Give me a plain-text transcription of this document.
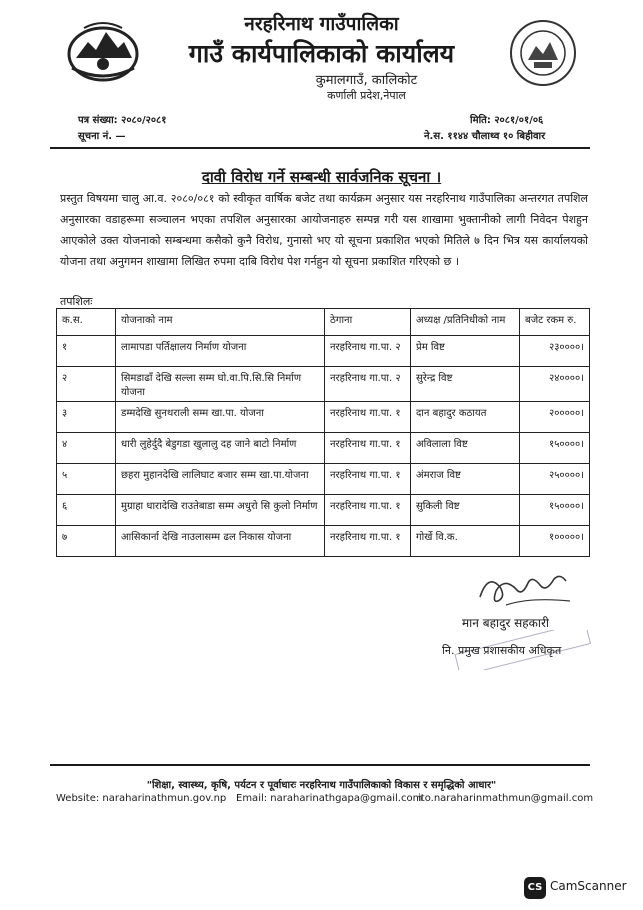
नरहरिनाथ गाउँपालिका
गाउँ कार्यपालिकाको कार्यालय
कुमालगाउँ, कालिकोट
कर्णाली प्रदेश,नेपाल
पत्र संख्या: २०८०/२०८१
सूचना नं. —
मिति: २०८१/०१/०६
ने.स. ११४४ चौलाथ्व १० बिहीवार
दावी विरोध गर्ने सम्बन्धी सार्वजनिक सूचना ।
प्रस्तुत विषयमा चालु आ.व. २०८०/०८१ को स्वीकृत वार्षिक बजेट तथा कार्यक्रम अनुसार यस नरहरिनाथ गाउँपालिका अन्तरगत तपशिल अनुसारका वडाहरूमा सञ्चालन भएका तपशिल अनुसारका आयोजनाहरु सम्पन्न गरी यस शाखामा भुक्तानीको लागी निवेदन पेशहुन आएकोले उक्त योजनाको सम्बन्धमा कसैको कुनै विरोध, गुनासो भए यो सूचना प्रकाशित भएको मितिले ७ दिन भित्र यस कार्यालयको योजना तथा अनुगमन शाखामा लिखित रुपमा दाबि विरोध पेश गर्नहुन यो सूचना प्रकाशित गरिएको छ ।
तपशिलः
क.स.	योजनाको नाम	ठेगाना	अध्यक्ष /प्रतिनिधीको नाम	बजेट रकम रु.
१	लामापडा पर्तिक्षालय निर्माण योजना	नरहरिनाथ गा.पा. २	प्रेम विष्ट	२३००००।
२	सिमडाढाँ देखि सल्ला सम्म घो.वा.पि.सि.सि निर्माण योजना	नरहरिनाथ गा.पा. २	सुरेन्द्र विष्ट	२४००००।
३	डम्मदेखि सुनथराली सम्म खा.पा. योजना	नरहरिनाथ गा.पा. १	दान बहादुर कठायत	२०००००।
४	धारी लुहेर्दुदै बेडुगडा खुलालु दह जाने बाटो निर्माण	नरहरिनाथ गा.पा. १	अविलाला विष्ट	१५००००।
५	छहरा मुहानदेखि लालिघाट बजार सम्म खा.पा.योजना	नरहरिनाथ गा.पा. १	अंमराज विष्ट	२५००००।
६	मुग्राहा धारादेखि राउतेबाडा सम्म अधुरो सि कुलो निर्माण	नरहरिनाथ गा.पा. १	सुकिली विष्ट	१५००००।
७	आसिकार्ना देखि नाउलासम्म ढल निकास योजना	नरहरिनाथ गा.पा. १	गोर्खे वि.क.	१०००००।
मान बहादुर सहकारी
नि. प्रमुख प्रशासकीय अधिकृत
"शिक्षा, स्वास्थ्य, कृषि, पर्यटन र पूर्वाधारः नरहरिनाथ गाउँपालिकाको विकास र समृद्धिको आधार"
Website: naraharinathmun.gov.np Email: naraharinathgapa@gmail.com
ito.naraharinmathmun@gmail.com
CS CamScanner
